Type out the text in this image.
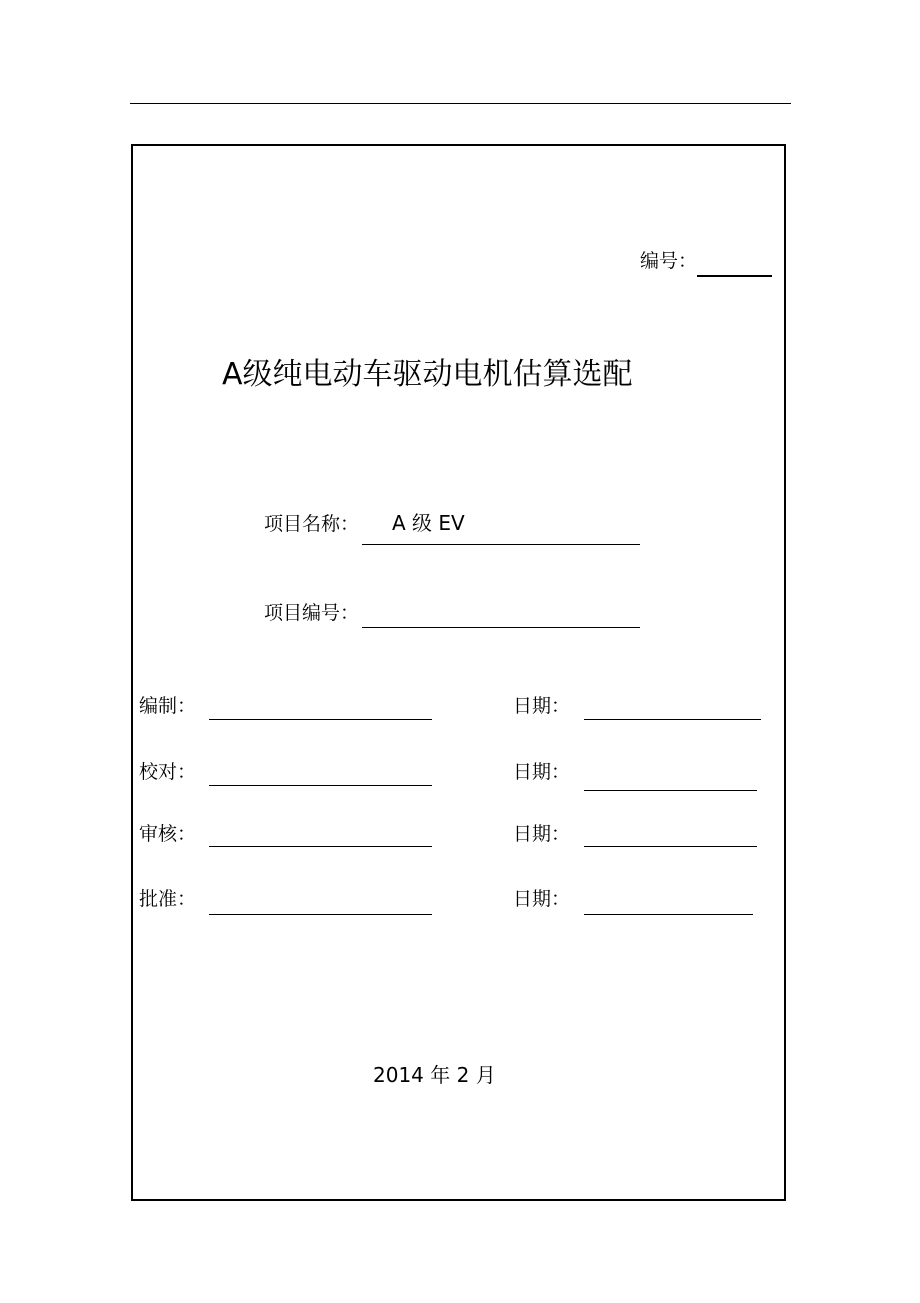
编号：
A级纯电动车驱动电机估算选配
项目名称： A 级 EV
项目编号：
编制：	日期：
校对：	日期：
审核：	日期：
批准：	日期：
2014 年 2 月
